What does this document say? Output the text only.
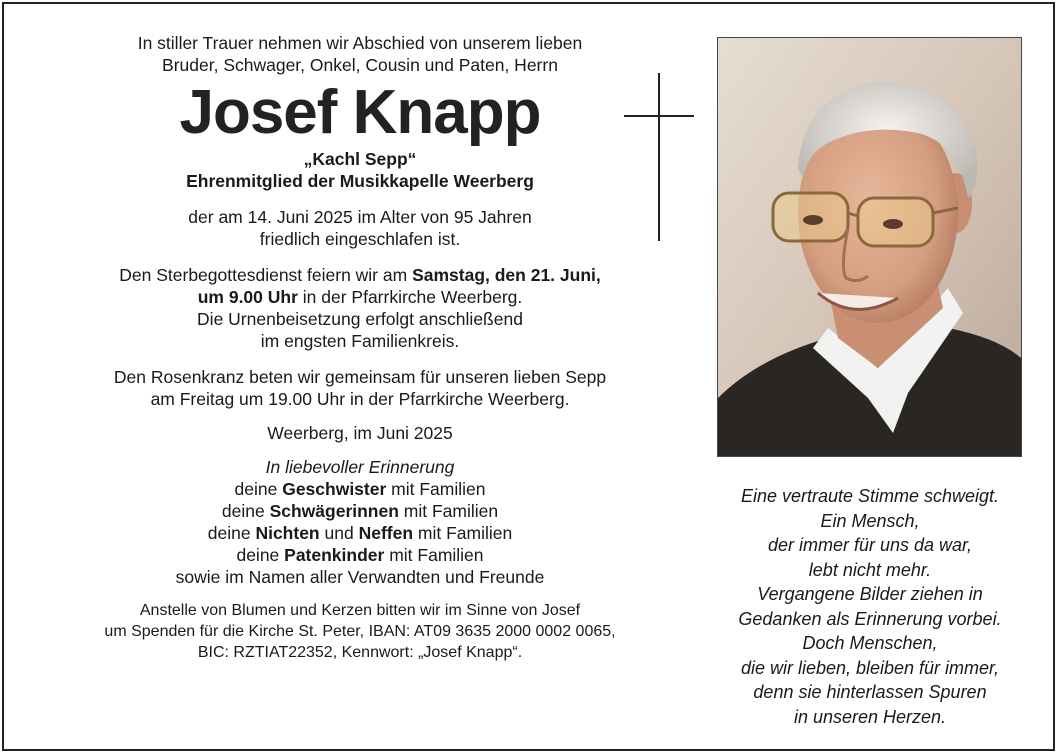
In stiller Trauer nehmen wir Abschied von unserem lieben

Bruder, Schwager, Onkel, Cousin und Paten, Herrn

Josef Knapp

„Kachl Sepp“

Ehrenmitglied der Musikkapelle Weerberg

der am 14. Juni 2025 im Alter von 95 Jahren

friedlich eingeschlafen ist.

Den Sterbegottesdienst feiern wir am Samstag, den 21. Juni,

um 9.00 Uhr in der Pfarrkirche Weerberg.

Die Urnenbeisetzung erfolgt anschließend

im engsten Familienkreis.

Den Rosenkranz beten wir gemeinsam für unseren lieben Sepp

am Freitag um 19.00 Uhr in der Pfarrkirche Weerberg.

Weerberg, im Juni 2025

In liebevoller Erinnerung

deine Geschwister mit Familien

deine Schwägerinnen mit Familien

deine Nichten und Neffen mit Familien

deine Patenkinder mit Familien

sowie im Namen aller Verwandten und Freunde

Anstelle von Blumen und Kerzen bitten wir im Sinne von Josef

um Spenden für die Kirche St. Peter, IBAN: AT09 3635 2000 0002 0065,

BIC: RZTIAT22352, Kennwort: „Josef Knapp“.

Eine vertraute Stimme schweigt.

Ein Mensch,

der immer für uns da war,

lebt nicht mehr.

Vergangene Bilder ziehen in

Gedanken als Erinnerung vorbei.

Doch Menschen,

die wir lieben, bleiben für immer,

denn sie hinterlassen Spuren

in unseren Herzen.
